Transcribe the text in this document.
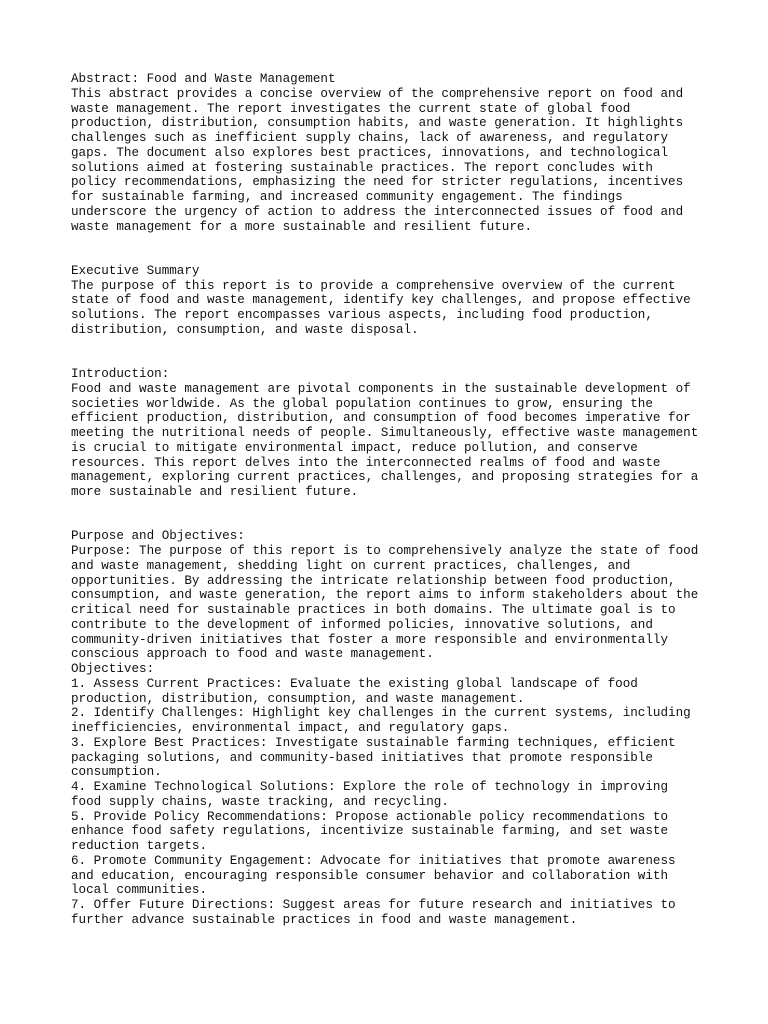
Abstract: Food and Waste Management
This abstract provides a concise overview of the comprehensive report on food and
waste management. The report investigates the current state of global food
production, distribution, consumption habits, and waste generation. It highlights
challenges such as inefficient supply chains, lack of awareness, and regulatory
gaps. The document also explores best practices, innovations, and technological
solutions aimed at fostering sustainable practices. The report concludes with
policy recommendations, emphasizing the need for stricter regulations, incentives
for sustainable farming, and increased community engagement. The findings
underscore the urgency of action to address the interconnected issues of food and
waste management for a more sustainable and resilient future.
Executive Summary
The purpose of this report is to provide a comprehensive overview of the current
state of food and waste management, identify key challenges, and propose effective
solutions. The report encompasses various aspects, including food production,
distribution, consumption, and waste disposal.
Introduction:
Food and waste management are pivotal components in the sustainable development of
societies worldwide. As the global population continues to grow, ensuring the
efficient production, distribution, and consumption of food becomes imperative for
meeting the nutritional needs of people. Simultaneously, effective waste management
is crucial to mitigate environmental impact, reduce pollution, and conserve
resources. This report delves into the interconnected realms of food and waste
management, exploring current practices, challenges, and proposing strategies for a
more sustainable and resilient future.
Purpose and Objectives:
Purpose: The purpose of this report is to comprehensively analyze the state of food
and waste management, shedding light on current practices, challenges, and
opportunities. By addressing the intricate relationship between food production,
consumption, and waste generation, the report aims to inform stakeholders about the
critical need for sustainable practices in both domains. The ultimate goal is to
contribute to the development of informed policies, innovative solutions, and
community-driven initiatives that foster a more responsible and environmentally
conscious approach to food and waste management.
Objectives:
1. Assess Current Practices: Evaluate the existing global landscape of food
production, distribution, consumption, and waste management.
2. Identify Challenges: Highlight key challenges in the current systems, including
inefficiencies, environmental impact, and regulatory gaps.
3. Explore Best Practices: Investigate sustainable farming techniques, efficient
packaging solutions, and community-based initiatives that promote responsible
consumption.
4. Examine Technological Solutions: Explore the role of technology in improving
food supply chains, waste tracking, and recycling.
5. Provide Policy Recommendations: Propose actionable policy recommendations to
enhance food safety regulations, incentivize sustainable farming, and set waste
reduction targets.
6. Promote Community Engagement: Advocate for initiatives that promote awareness
and education, encouraging responsible consumer behavior and collaboration with
local communities.
7. Offer Future Directions: Suggest areas for future research and initiatives to
further advance sustainable practices in food and waste management.
